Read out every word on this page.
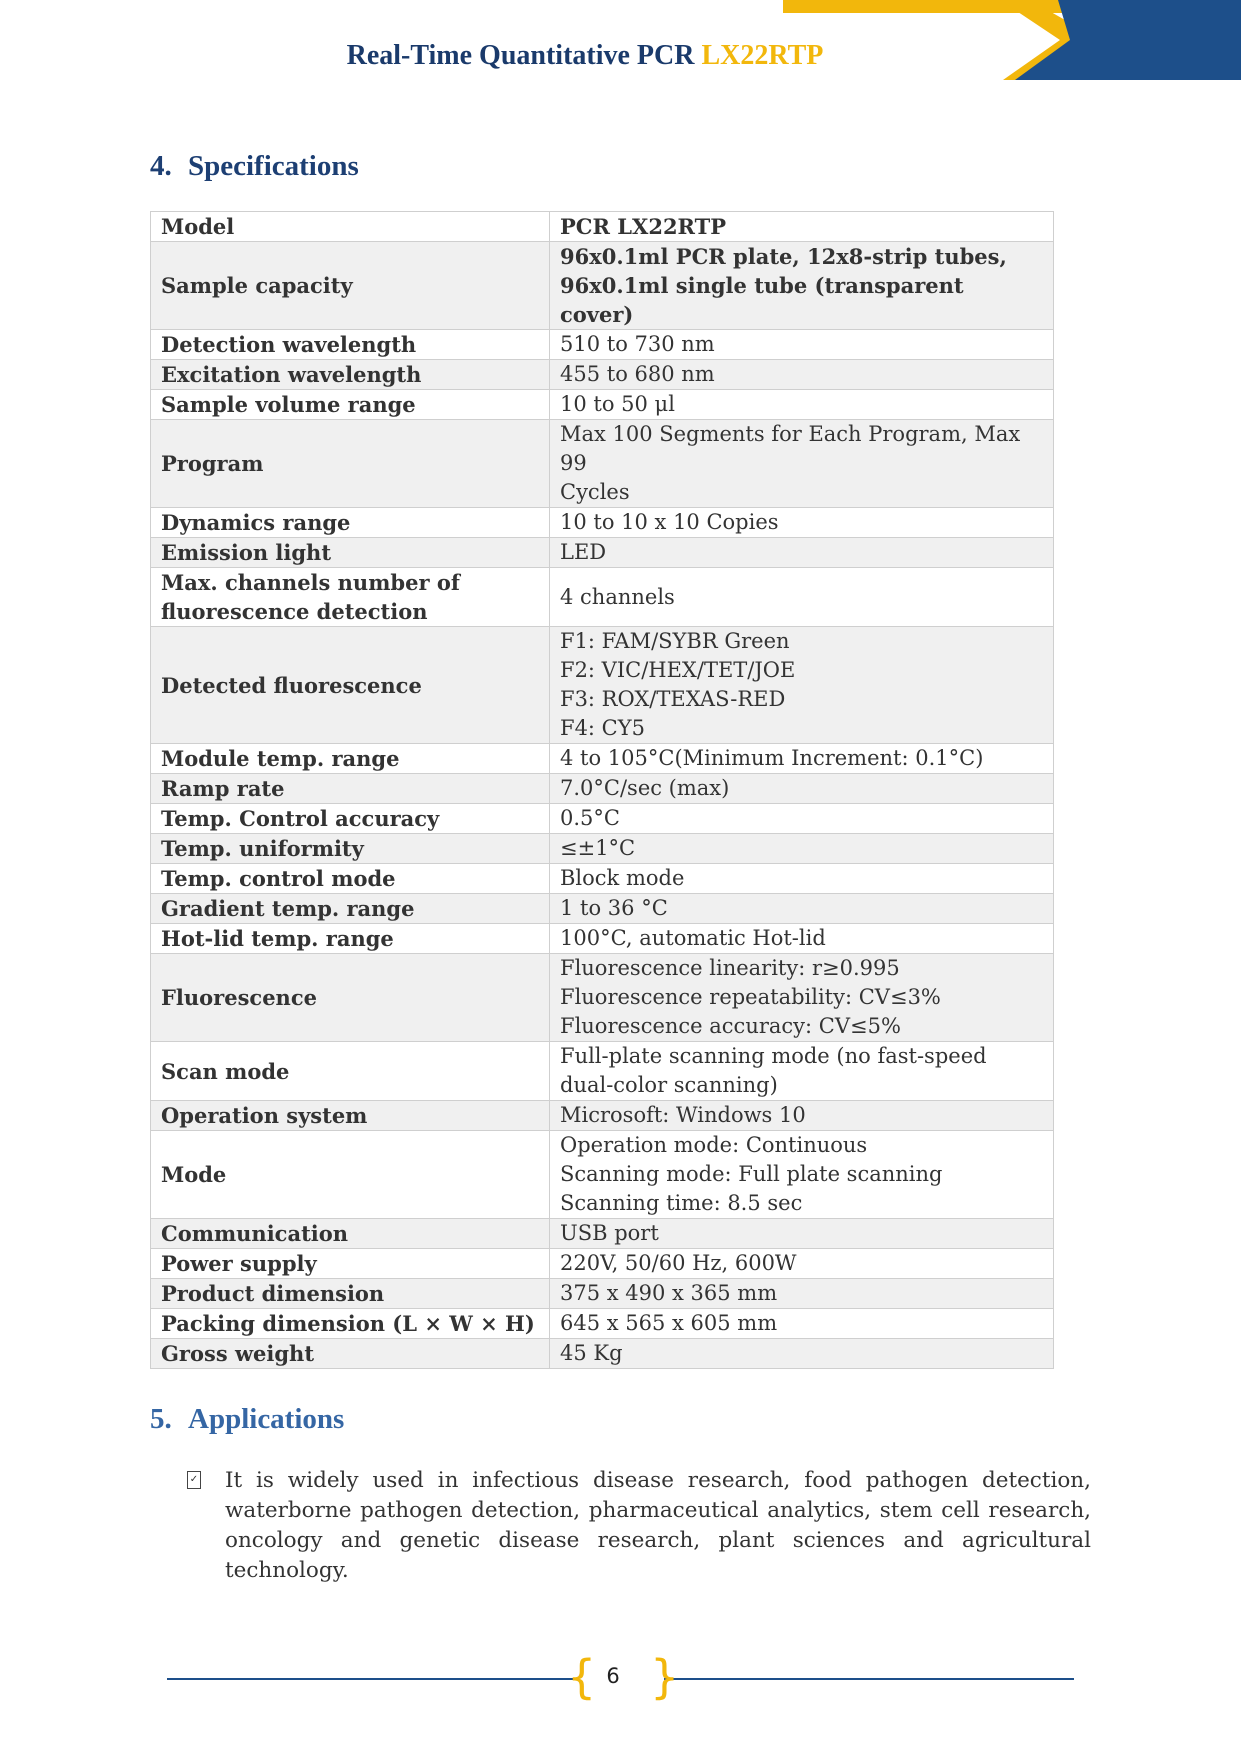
Real-Time Quantitative PCR LX22RTP
4. Specifications
Model	PCR LX22RTP
Sample capacity	96x0.1ml PCR plate, 12x8-strip tubes,
96x0.1ml single tube (transparent cover)

Detection wavelength	510 to 730 nm

Excitation wavelength	455 to 680 nm

Sample volume range	10 to 50 μl

Program	Max 100 Segments for Each Program, Max 99
Cycles

Dynamics range	10 to 10 x 10 Copies

Emission light	LED

Max. channels number of fluorescence detection	4 channels

Detected fluorescence	F1: FAM/SYBR Green
F2: VIC/HEX/TET/JOE
F3: ROX/TEXAS-RED
F4: CY5

Module temp. range	4 to 105°C(Minimum Increment: 0.1°C)

Ramp rate	7.0°C/sec (max)

Temp. Control accuracy	0.5°C

Temp. uniformity	≤±1°C

Temp. control mode	Block mode

Gradient temp. range	1 to 36 °C

Hot-lid temp. range	100°C, automatic Hot-lid

Fluorescence	Fluorescence linearity: r≥0.995
Fluorescence repeatability: CV≤3%
Fluorescence accuracy: CV≤5%

Scan mode	Full-plate scanning mode (no fast-speed
dual-color scanning)

Operation system	Microsoft: Windows 10

Mode	Operation mode: Continuous
Scanning mode: Full plate scanning
Scanning time: 8.5 sec

Communication	USB port

Power supply	220V, 50/60 Hz, 600W

Product dimension	375 x 490 x 365 mm

Packing dimension (L × W × H)	645 x 565 x 605 mm

Gross weight	45 Kg
5. Applications
✓ It is widely used in infectious disease research, food pathogen detection, waterborne pathogen detection, pharmaceutical analytics, stem cell research, oncology and genetic disease research, plant sciences and agricultural technology.
{ }
6
